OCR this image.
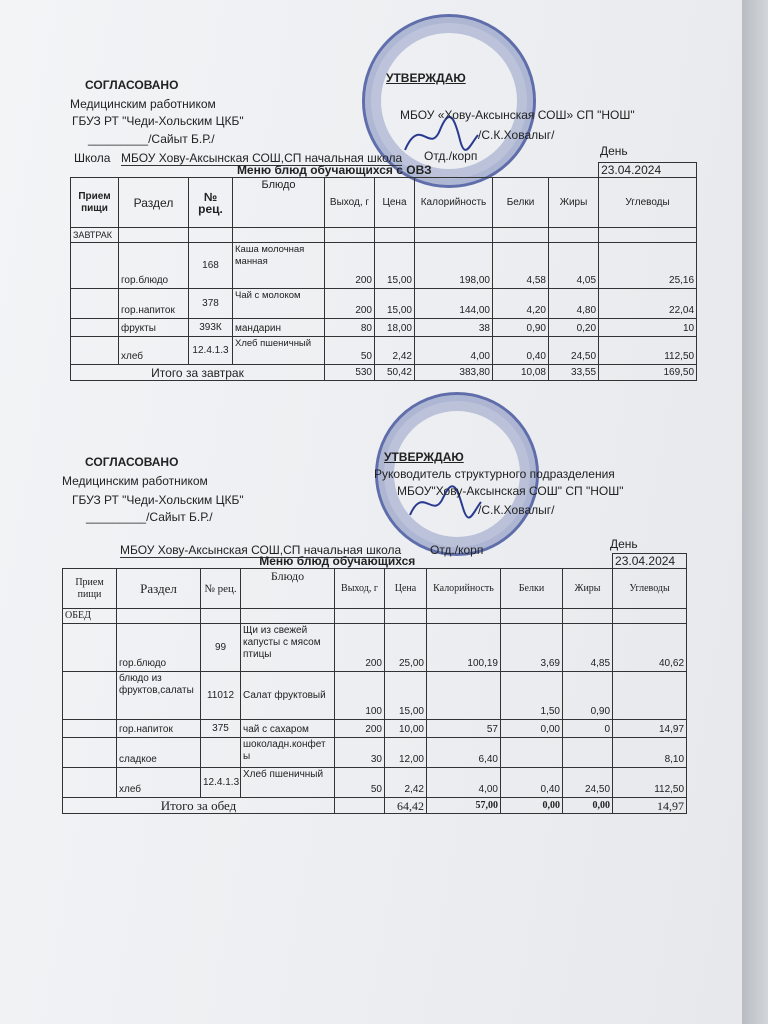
СОГЛАСОВАНО
Медицинским работником
ГБУЗ РТ "Чеди-Хольским ЦКБ"
_________/Сайыт Б.Р./
УТВЕРЖДАЮ
МБОУ «Хову-Аксынская СОШ» СП "НОШ"
/С.К.Ховалыг/
Школа МБОУ Хову-Аксынская СОШ,СП начальная школа Отд./корп	День
Меню блюд обучающихся с ОВЗ									23.04.2024
Прием пищи	Раздел	№ рец.	Блюдо	Выход, г	Цена	Калорийность	Белки	Жиры	Углеводы
ЗАВТРАК									
	гор.блюдо	168	Каша молочная манная	200	15,00	198,00	4,58	4,05	25,16
	гор.напиток	378	Чай с молоком	200	15,00	144,00	4,20	4,80	22,04
	фрукты	393К	мандарин	80	18,00	38	0,90	0,20	10
	хлеб	12.4.1.3	Хлеб пшеничный	50	2,42	4,00	0,40	24,50	112,50
Итого за завтрак				530	50,42	383,80	10,08	33,55	169,50
СОГЛАСОВАНО
Медицинским работником
ГБУЗ РТ "Чеди-Хольским ЦКБ"
_________/Сайыт Б.Р./
УТВЕРЖДАЮ
Руководитель структурного подразделения
МБОУ"Хову-Аксынская СОШ" СП "НОШ"
/С.К.Ховалыг/
МБОУ Хову-Аксынская СОШ,СП начальная школа Отд./корп	День
Меню блюд обучающихся									23.04.2024
Прием пищи	Раздел	№ рец.	Блюдо	Выход, г	Цена	Калорийность	Белки	Жиры	Углеводы
ОБЕД									
	гор.блюдо	99	Щи из свежей капусты с мясом птицы	200	25,00	100,19	3,69	4,85	40,62
	блюдо из фруктов,салаты	11012	Салат фруктовый	100	15,00		1,50	0,90	
	гор.напиток	375	чай с сахаром	200	10,00	57	0,00	0	14,97
	сладкое		шоколадн.конфеты	30	12,00	6,40			8,10
	хлеб	12.4.1.3	Хлеб пшеничный	50	2,42	4,00	0,40	24,50	112,50
Итого за обед					64,42	57,00	0,00	0,00	14,97
